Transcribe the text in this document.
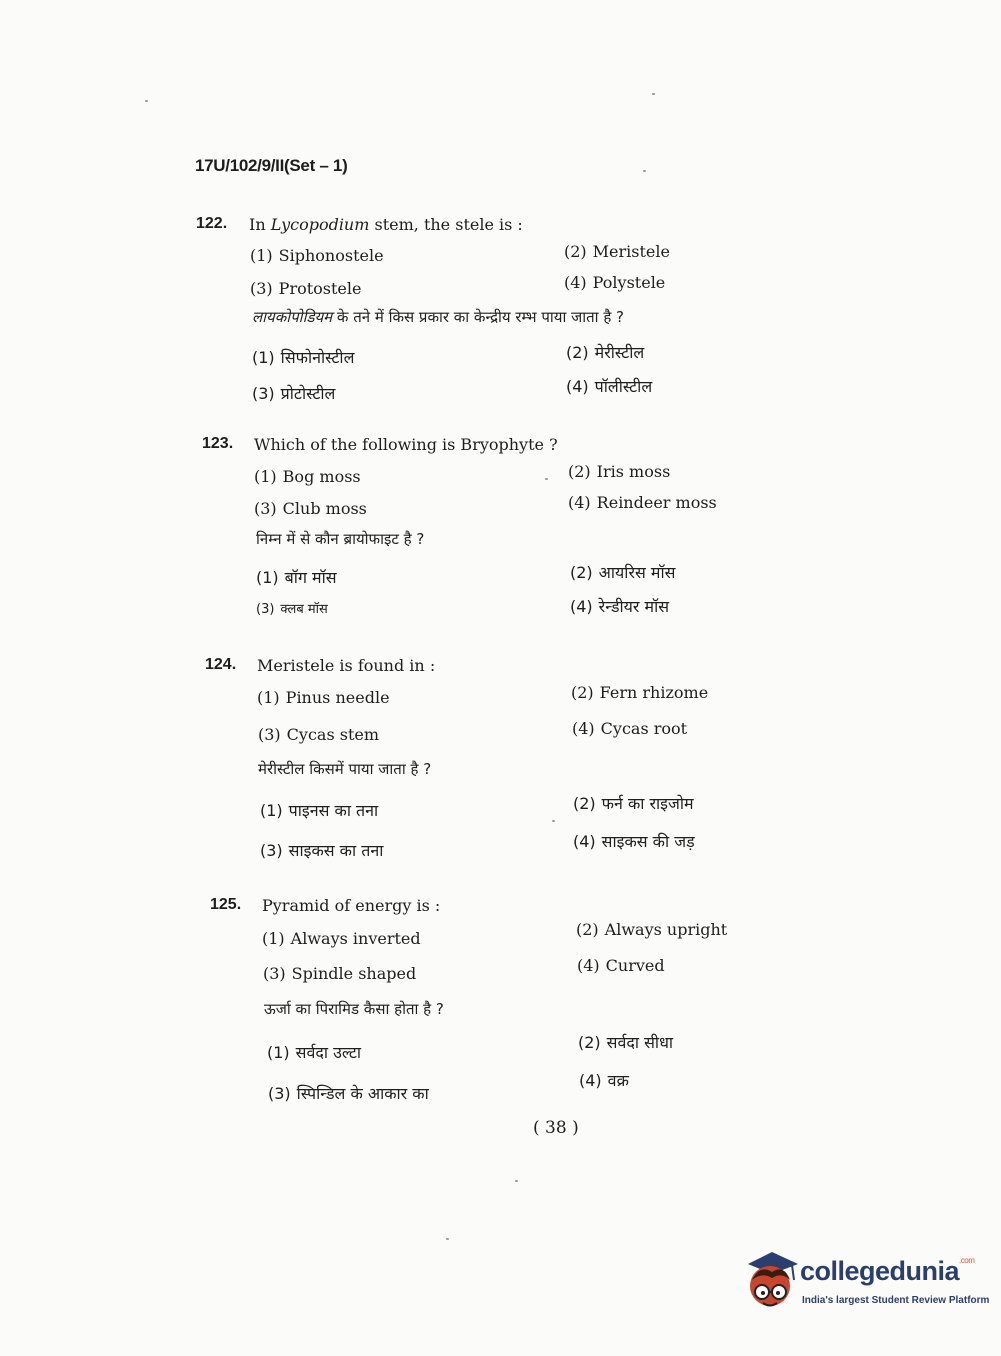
17U/102/9/II(Set – 1)
122. In Lycopodium stem, the stele is :
(1) Siphonostele	(2) Meristele
(3) Protostele	(4) Polystele
लायकोपोडियम के तने में किस प्रकार का केन्द्रीय रम्भ पाया जाता है ?
(1) सिफोनोस्टील	(2) मेरीस्टील
(3) प्रोटोस्टील	(4) पॉलीस्टील
123. Which of the following is Bryophyte ?
(1) Bog moss	(2) Iris moss
(3) Club moss	(4) Reindeer moss
निम्न में से कौन ब्रायोफाइट है ?
(1) बॉग मॉस	(2) आयरिस मॉस
(3) क्लब मॉस	(4) रेन्डीयर मॉस
124. Meristele is found in :
(1) Pinus needle	(2) Fern rhizome
(3) Cycas stem	(4) Cycas root
मेरीस्टील किसमें पाया जाता है ?
(1) पाइनस का तना	(2) फर्न का राइजोम
(3) साइकस का तना	(4) साइकस की जड़
125. Pyramid of energy is :
(1) Always inverted	(2) Always upright
(3) Spindle shaped	(4) Curved
ऊर्जा का पिरामिड कैसा होता है ?
(1) सर्वदा उल्टा
(2) सर्वदा सीधा
(3) स्पिन्डिल के आकार का
(4) वक्र
( 38 )
collegedunia$^{.com}$
India's largest Student Review Platform
